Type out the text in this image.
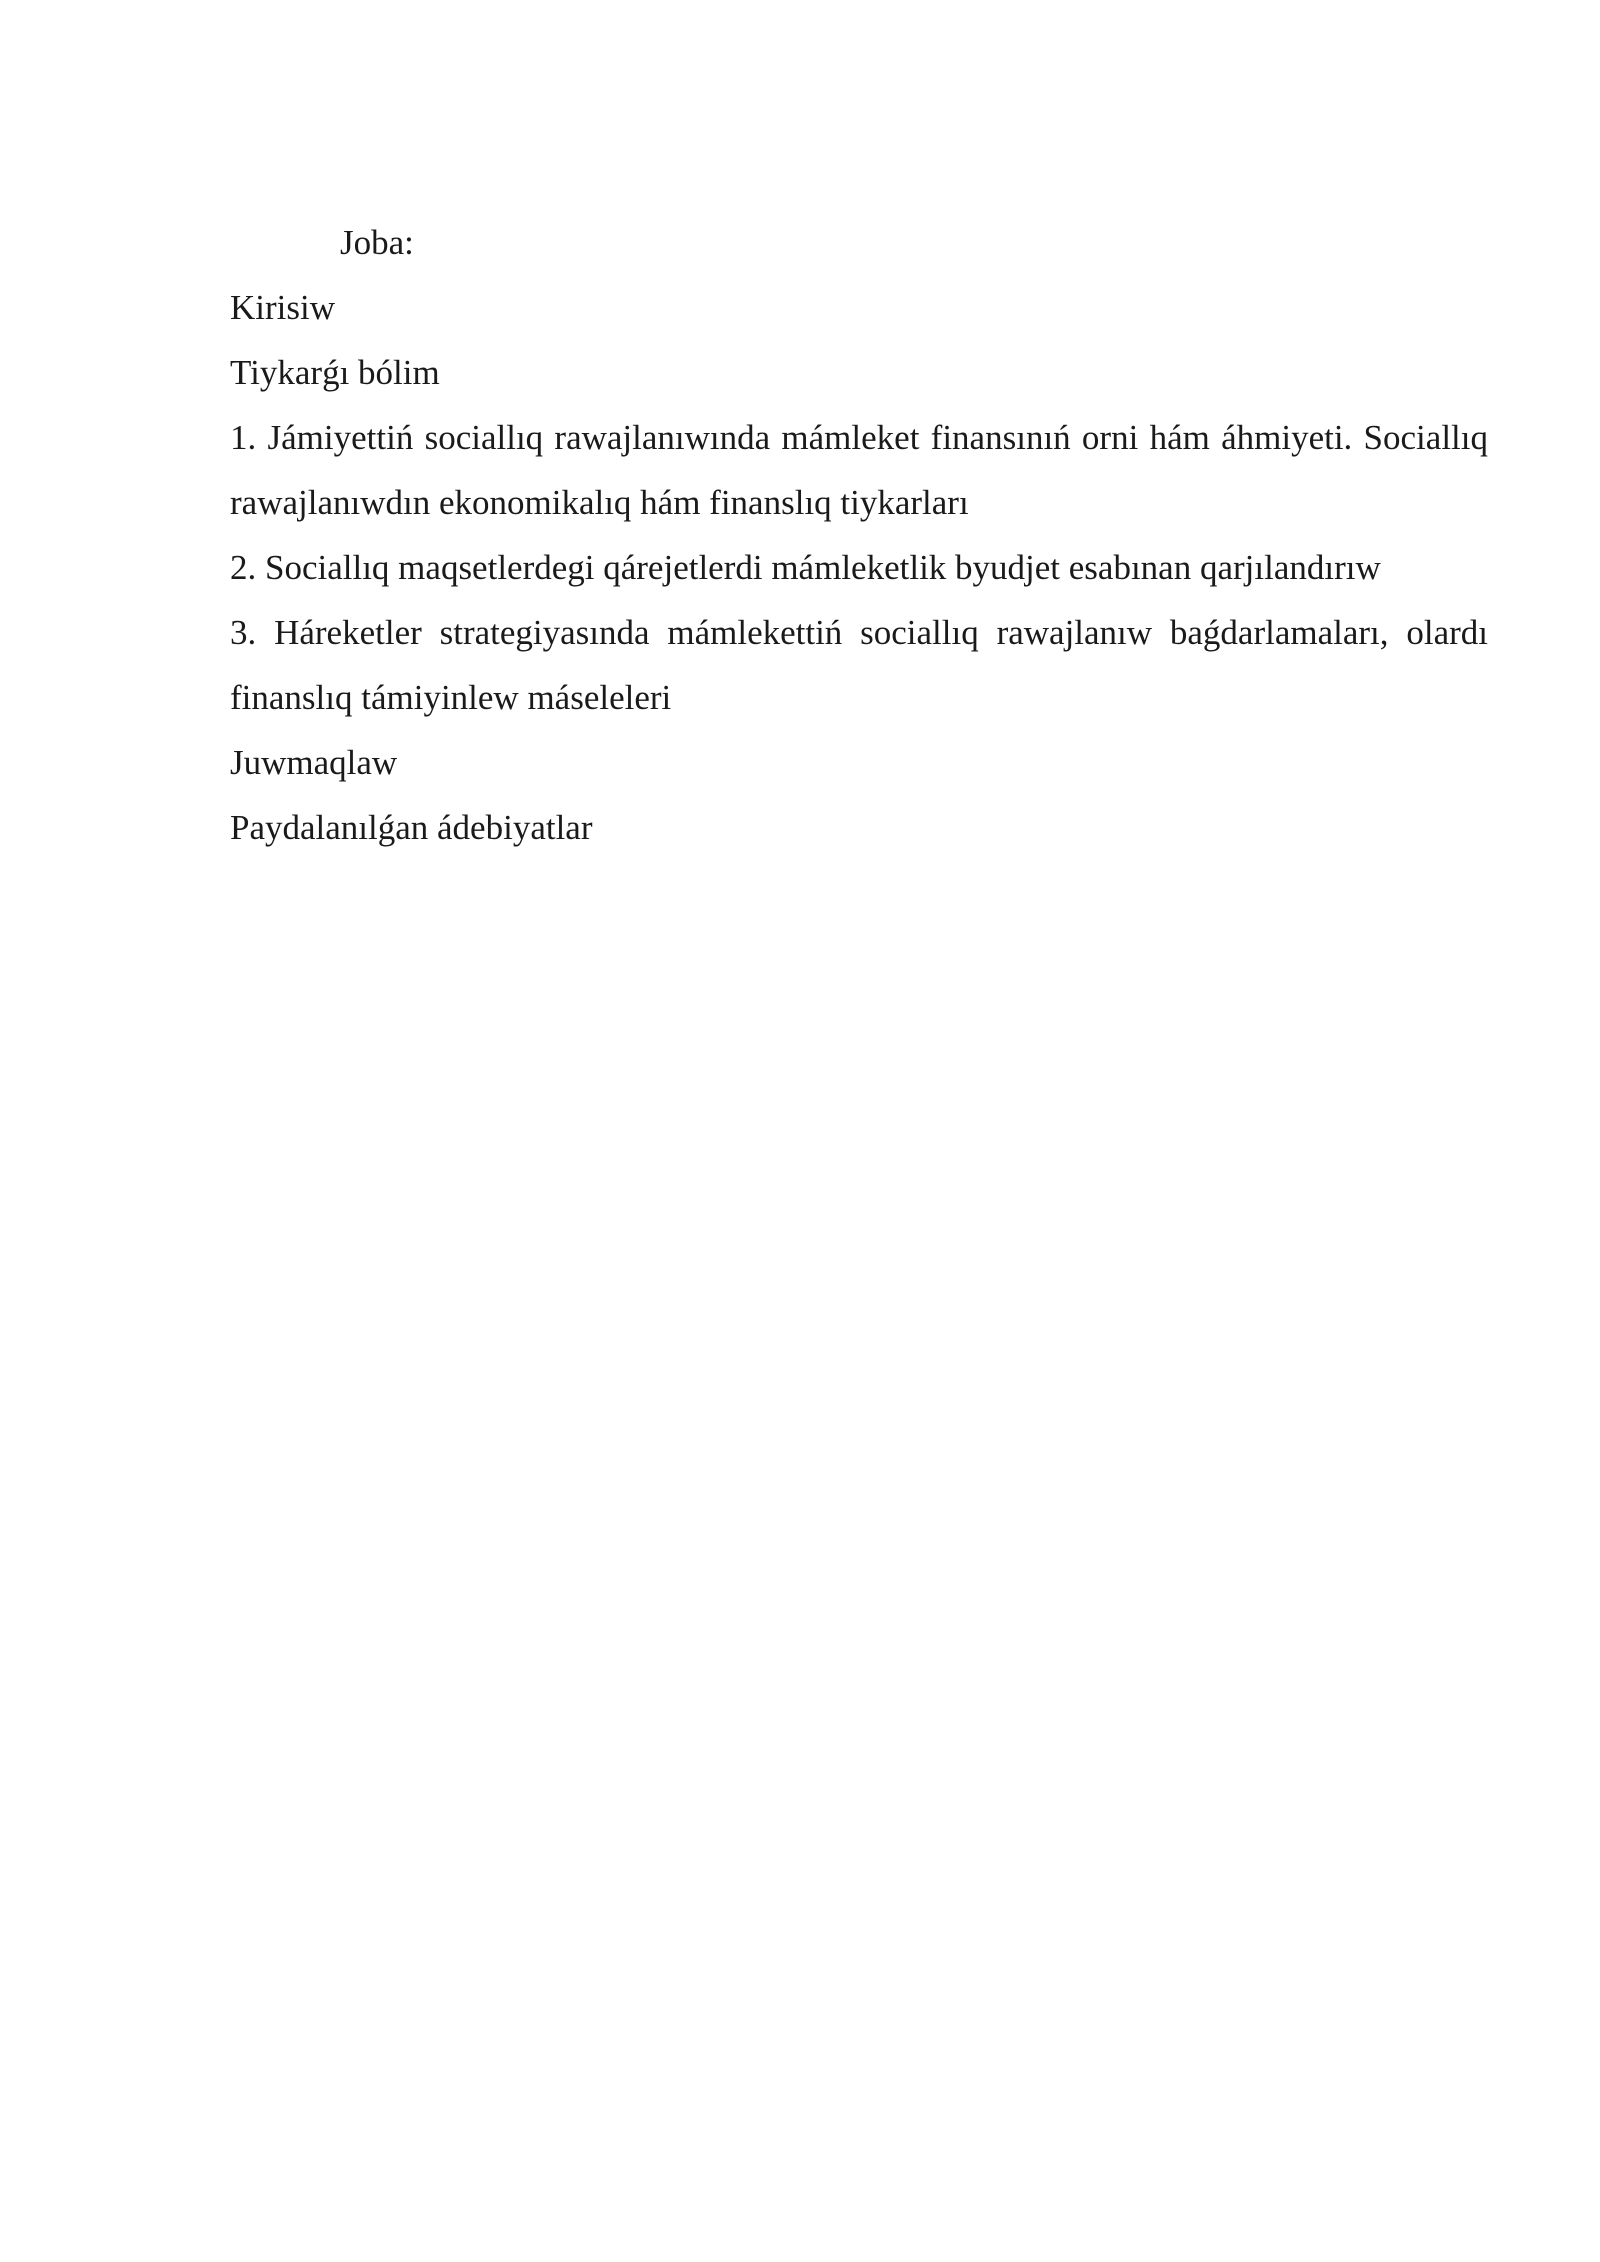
Joba:

Kirisiw

Tiykarǵı bólim

1. Jámiyettiń sociallıq rawajlanıwında mámleket finansınıń orni hám áhmiyeti. Sociallıq rawajlanıwdın ekonomikalıq hám finanslıq tiykarları

2. Sociallıq maqsetlerdegi qárejetlerdi mámleketlik byudjet esabınan qarjılandırıw

3. Háreketler strategiyasında mámlekettiń sociallıq rawajlanıw baǵdarlamaları, olardı finanslıq támiyinlew máseleleri

Juwmaqlaw

Paydalanılǵan ádebiyatlar
